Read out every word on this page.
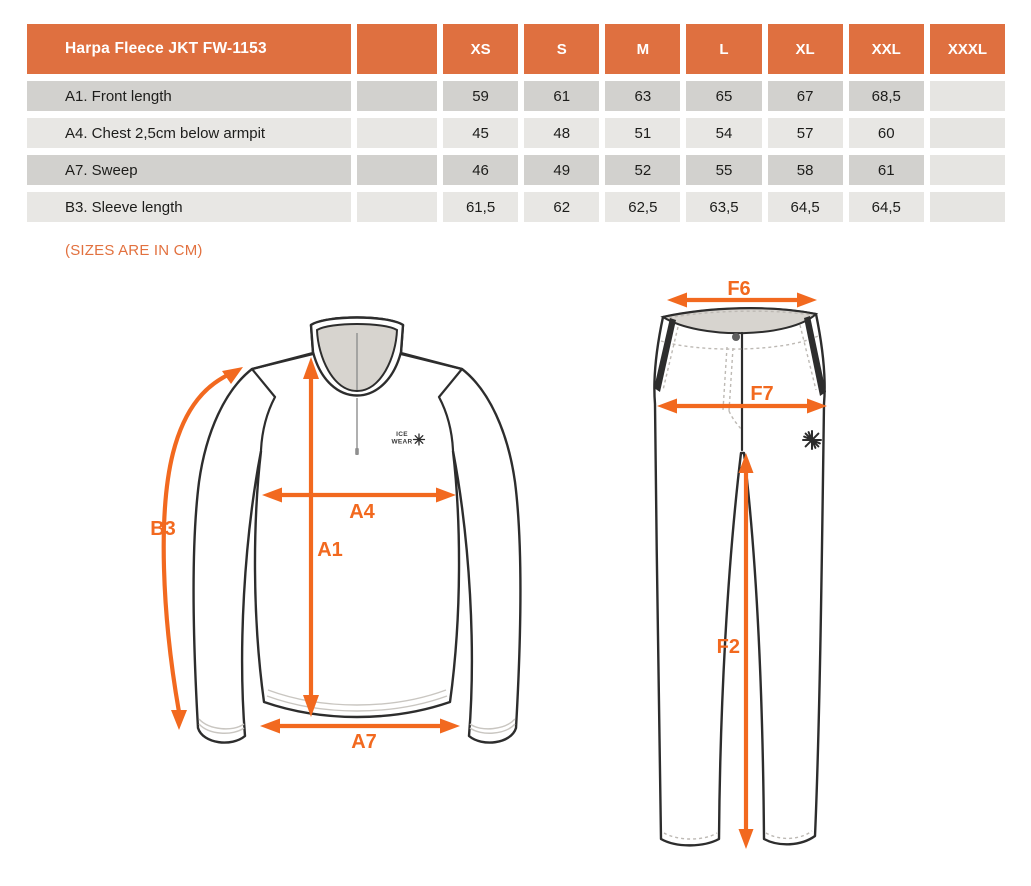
Harpa Fleece JKT FW-1153	XS	S	M	L	XL	XXL	XXXL
A1. Front length	59	61	63	65	67	68,5
A4. Chest 2,5cm below armpit	45	48	51	54	57	60
A7. Sweep	46	49	52	55	58	61
B3. Sleeve length	61,5	62	62,5	63,5	64,5	64,5
(SIZES ARE IN CM)
ICE
WEAR
A1
A4
A7
B3
F6
F7
F2
